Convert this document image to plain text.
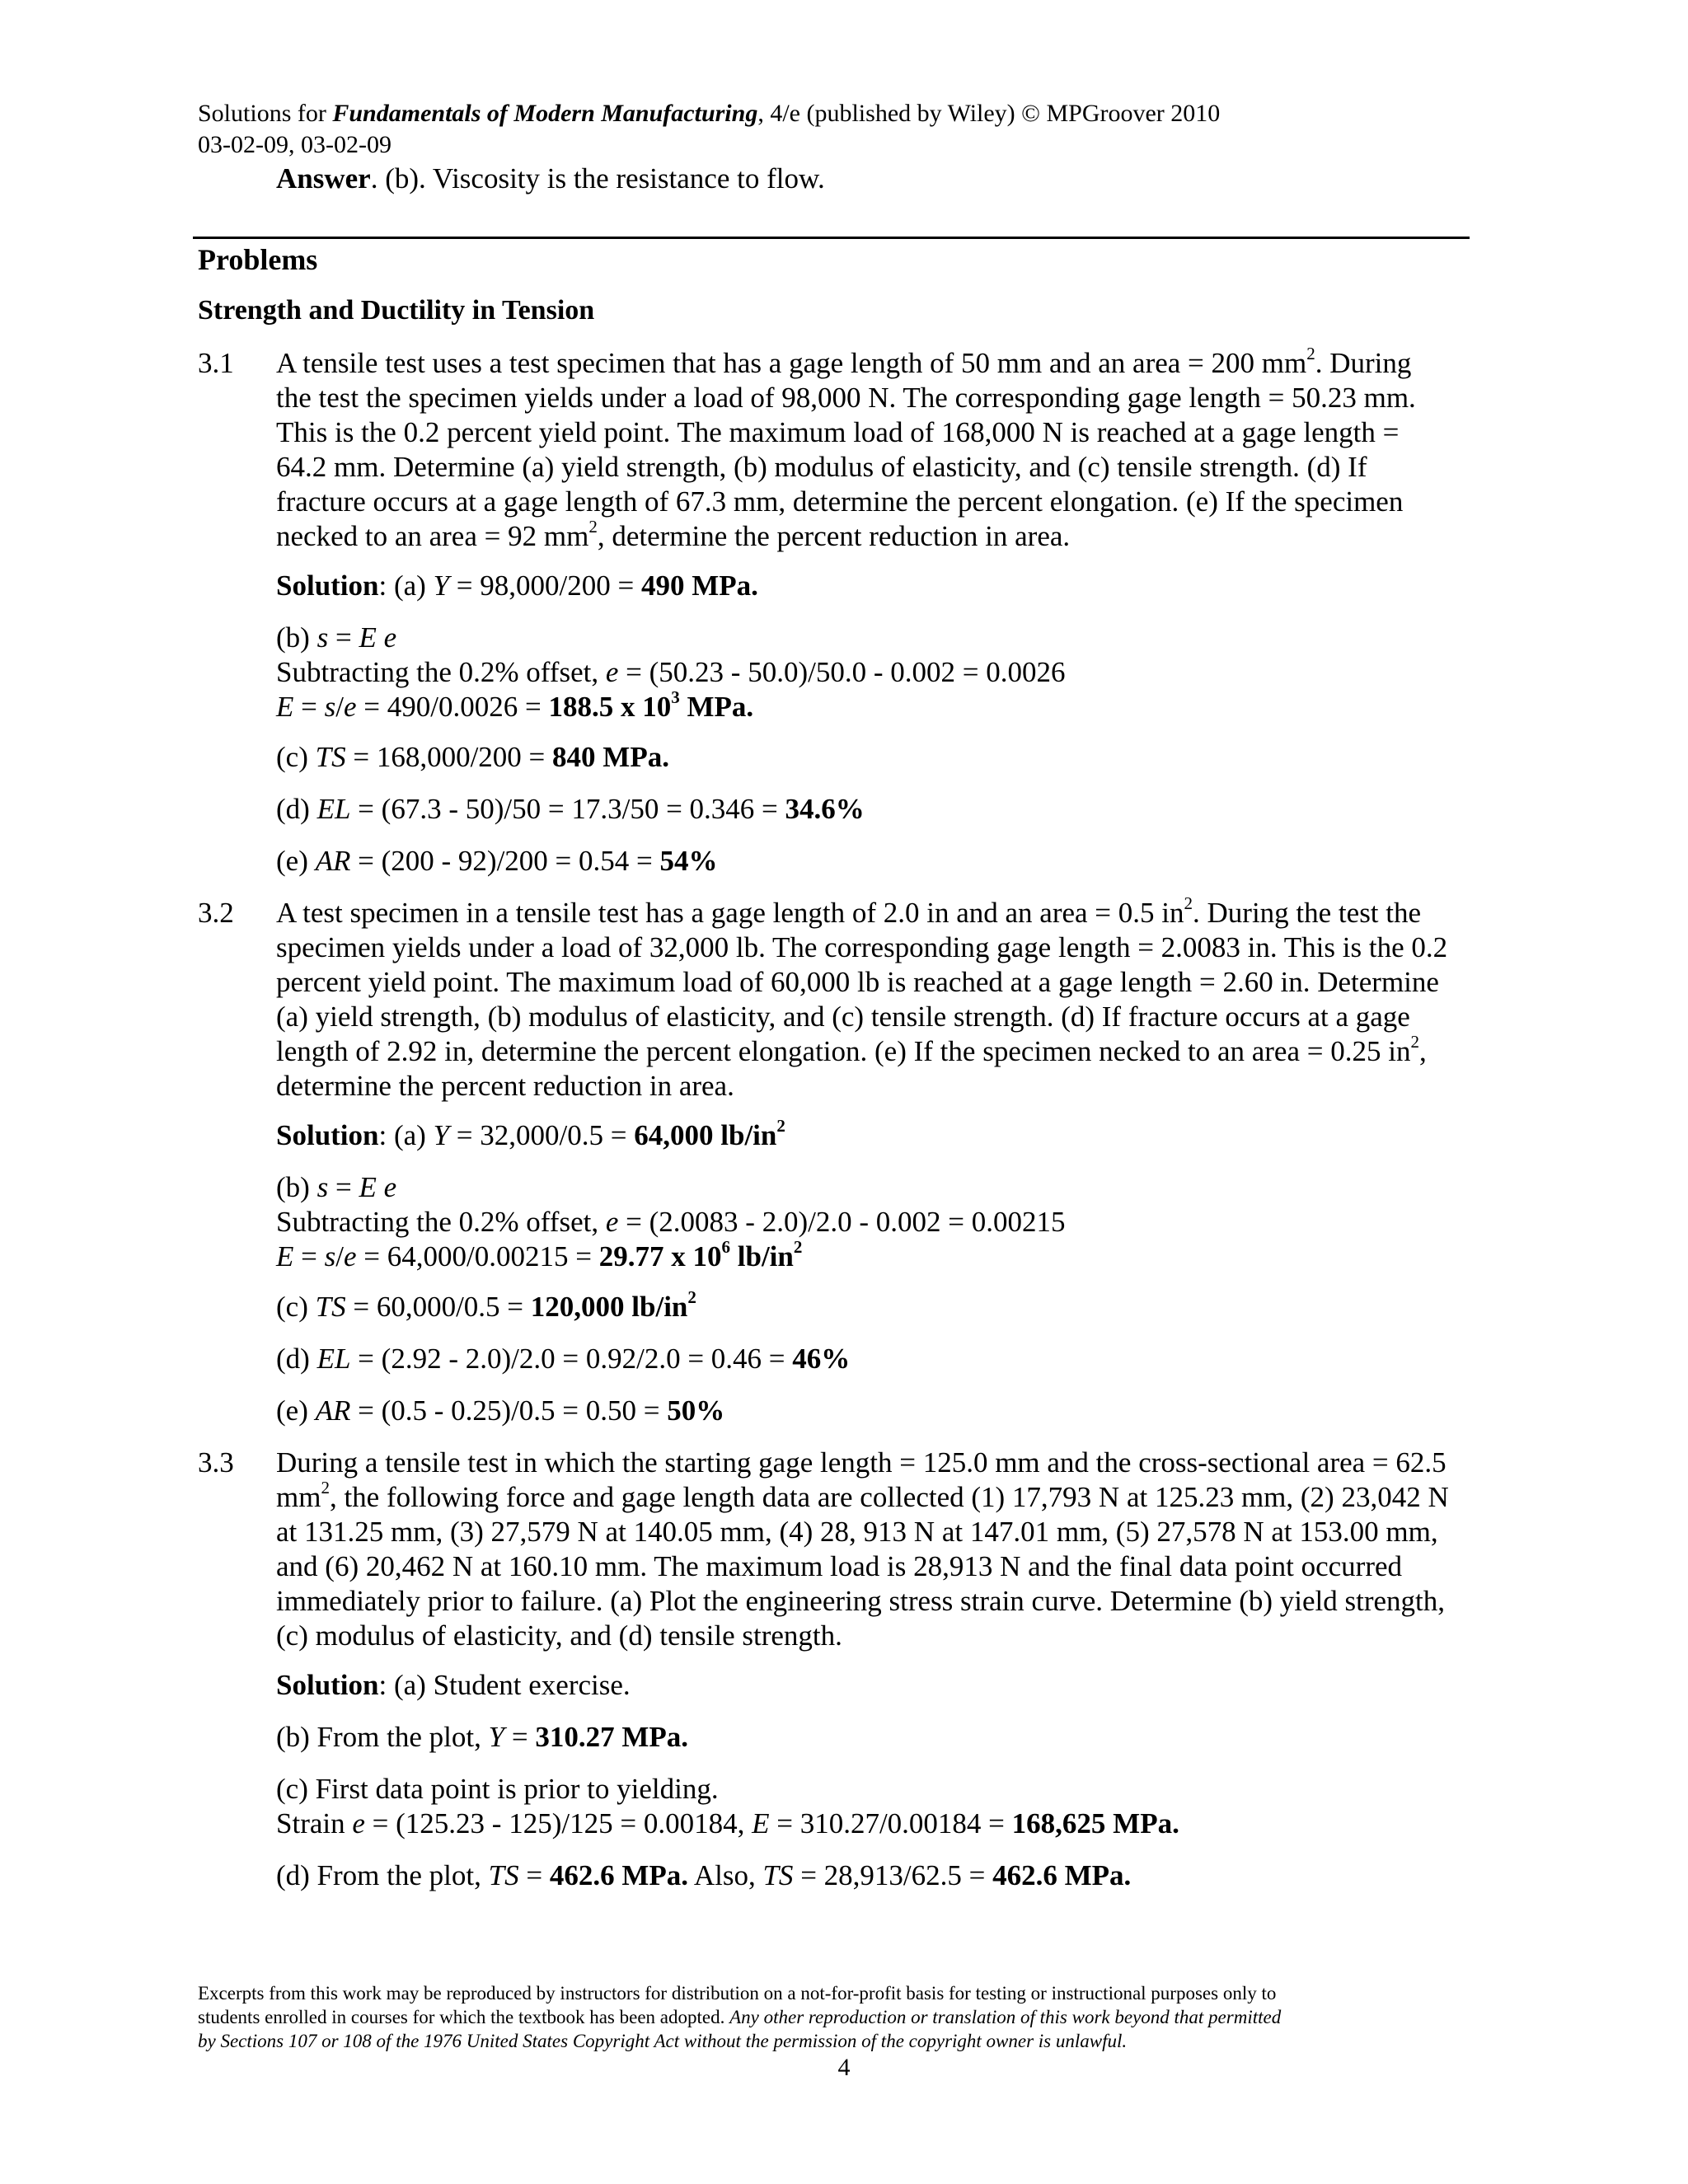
Solutions for Fundamentals of Modern Manufacturing, 4/e (published by Wiley) © MPGroover 2010
03-02-09, 03-02-09
Answer. (b). Viscosity is the resistance to flow.
Problems
Strength and Ductility in Tension
3.1 A tensile test uses a test specimen that has a gage length of 50 mm and an area = 200 $mm^2$. During
the test the specimen yields under a load of 98,000 N. The corresponding gage length = 50.23 mm.
This is the 0.2 percent yield point. The maximum load of 168,000 N is reached at a gage length =
64.2 mm. Determine (a) yield strength, (b) modulus of elasticity, and (c) tensile strength. (d) If
fracture occurs at a gage length of 67.3 mm, determine the percent elongation. (e) If the specimen
necked to an area = 92 $mm^2$, determine the percent reduction in area.
Solution: (a) Y = 98,000/200 = 490 MPa.
(b) s = E e
Subtracting the 0.2% offset, e = (50.23 - 50.0)/50.0 - 0.002 = 0.0026
E = s/e = 490/0.0026 = 188.5 x $10^3$ MPa.
(c) TS = 168,000/200 = 840 MPa.
(d) EL = (67.3 - 50)/50 = 17.3/50 = 0.346 = 34.6%
(e) AR = (200 - 92)/200 = 0.54 = 54%
3.2 A test specimen in a tensile test has a gage length of 2.0 in and an area = 0.5 $in^2$. During the test the
specimen yields under a load of 32,000 lb. The corresponding gage length = 2.0083 in. This is the 0.2
percent yield point. The maximum load of 60,000 lb is reached at a gage length = 2.60 in. Determine
(a) yield strength, (b) modulus of elasticity, and (c) tensile strength. (d) If fracture occurs at a gage
length of 2.92 in, determine the percent elongation. (e) If the specimen necked to an area = 0.25 $in^2$,
determine the percent reduction in area.
Solution: (a) Y = 32,000/0.5 = 64,000 $lb/in^2$
(b) s = E e
Subtracting the 0.2% offset, e = (2.0083 - 2.0)/2.0 - 0.002 = 0.00215
E = s/e = 64,000/0.00215 = 29.77 x $10^6$ $lb/in^2$
(c) TS = 60,000/0.5 = 120,000 $lb/in^2$
(d) EL = (2.92 - 2.0)/2.0 = 0.92/2.0 = 0.46 = 46%
(e) AR = (0.5 - 0.25)/0.5 = 0.50 = 50%
3.3 During a tensile test in which the starting gage length = 125.0 mm and the cross-sectional area = 62.5
$mm^2$, the following force and gage length data are collected (1) 17,793 N at 125.23 mm, (2) 23,042 N
at 131.25 mm, (3) 27,579 N at 140.05 mm, (4) 28, 913 N at 147.01 mm, (5) 27,578 N at 153.00 mm,
and (6) 20,462 N at 160.10 mm. The maximum load is 28,913 N and the final data point occurred
immediately prior to failure. (a) Plot the engineering stress strain curve. Determine (b) yield strength,
(c) modulus of elasticity, and (d) tensile strength.
Solution: (a) Student exercise.
(b) From the plot, Y = 310.27 MPa.
(c) First data point is prior to yielding.
Strain e = (125.23 - 125)/125 = 0.00184, E = 310.27/0.00184 = 168,625 MPa.
(d) From the plot, TS = 462.6 MPa. Also, TS = 28,913/62.5 = 462.6 MPa.
Excerpts from this work may be reproduced by instructors for distribution on a not-for-profit basis for testing or instructional purposes only to
students enrolled in courses for which the textbook has been adopted. Any other reproduction or translation of this work beyond that permitted
by Sections 107 or 108 of the 1976 United States Copyright Act without the permission of the copyright owner is unlawful.
4
